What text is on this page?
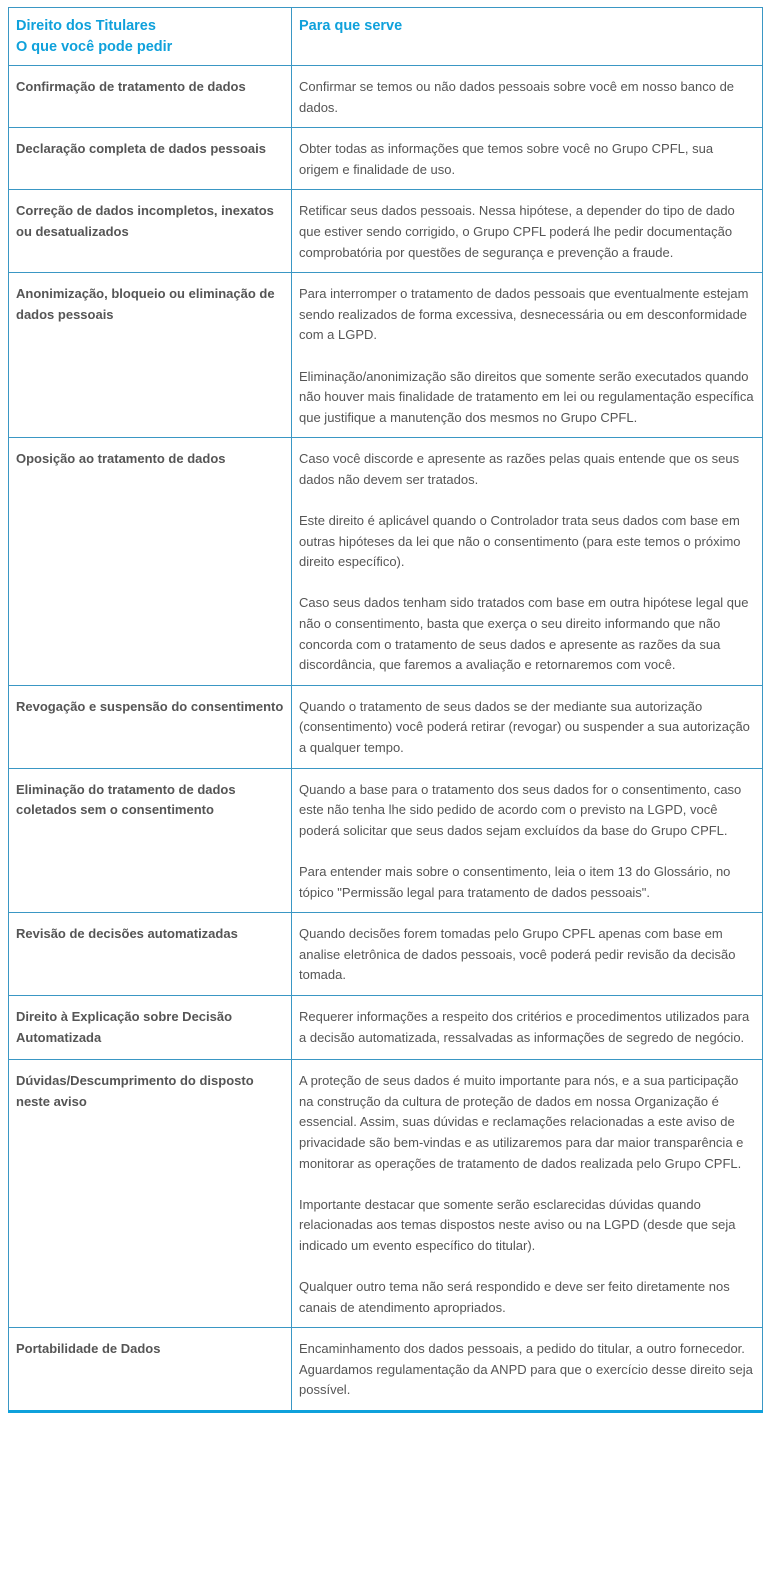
Direito dos Titulares
O que você pode pedir	Para que serve
Confirmação de tratamento de dados	Confirmar se temos ou não dados pessoais sobre você em nosso banco de dados.

Declaração completa de dados pessoais	Obter todas as informações que temos sobre você no Grupo CPFL, sua origem e finalidade de uso.

Correção de dados incompletos, inexatos ou desatualizados	Retificar seus dados pessoais. Nessa hipótese, a depender do tipo de dado que estiver sendo corrigido, o Grupo CPFL poderá lhe pedir documentação comprobatória por questões de segurança e prevenção a fraude.

Anonimização, bloqueio ou eliminação de dados pessoais	Para interromper o tratamento de dados pessoais que eventualmente estejam sendo realizados de forma excessiva, desnecessária ou em desconformidade com a LGPD.
Eliminação/anonimização são direitos que somente serão executados quando não houver mais finalidade de tratamento em lei ou regulamentação específica que justifique a manutenção dos mesmos no Grupo CPFL.

Oposição ao tratamento de dados	Caso você discorde e apresente as razões pelas quais entende que os seus dados não devem ser tratados.
Este direito é aplicável quando o Controlador trata seus dados com base em outras hipóteses da lei que não o consentimento (para este temos o próximo direito específico).
Caso seus dados tenham sido tratados com base em outra hipótese legal que não o consentimento, basta que exerça o seu direito informando que não concorda com o tratamento de seus dados e apresente as razões da sua discordância, que faremos a avaliação e retornaremos com você.

Revogação e suspensão do consentimento	Quando o tratamento de seus dados se der mediante sua autorização (consentimento) você poderá retirar (revogar) ou suspender a sua autorização a qualquer tempo.

Eliminação do tratamento de dados coletados sem o consentimento	Quando a base para o tratamento dos seus dados for o consentimento, caso este não tenha lhe sido pedido de acordo com o previsto na LGPD, você poderá solicitar que seus dados sejam excluídos da base do Grupo CPFL.
Para entender mais sobre o consentimento, leia o item 13 do Glossário, no tópico "Permissão legal para tratamento de dados pessoais".

Revisão de decisões automatizadas	Quando decisões forem tomadas pelo Grupo CPFL apenas com base em analise eletrônica de dados pessoais, você poderá pedir revisão da decisão tomada.

Direito à Explicação sobre Decisão Automatizada	Requerer informações a respeito dos critérios e procedimentos utilizados para a decisão automatizada, ressalvadas as informações de segredo de negócio.

Dúvidas/Descumprimento do disposto neste aviso	A proteção de seus dados é muito importante para nós, e a sua participação na construção da cultura de proteção de dados em nossa Organização é essencial. Assim, suas dúvidas e reclamações relacionadas a este aviso de privacidade são bem-vindas e as utilizaremos para dar maior transparência e monitorar as operações de tratamento de dados realizada pelo Grupo CPFL.
Importante destacar que somente serão esclarecidas dúvidas quando relacionadas aos temas dispostos neste aviso ou na LGPD (desde que seja indicado um evento específico do titular).
Qualquer outro tema não será respondido e deve ser feito diretamente nos canais de atendimento apropriados.

Portabilidade de Dados	Encaminhamento dos dados pessoais, a pedido do titular, a outro fornecedor. Aguardamos regulamentação da ANPD para que o exercício desse direito seja possível.
